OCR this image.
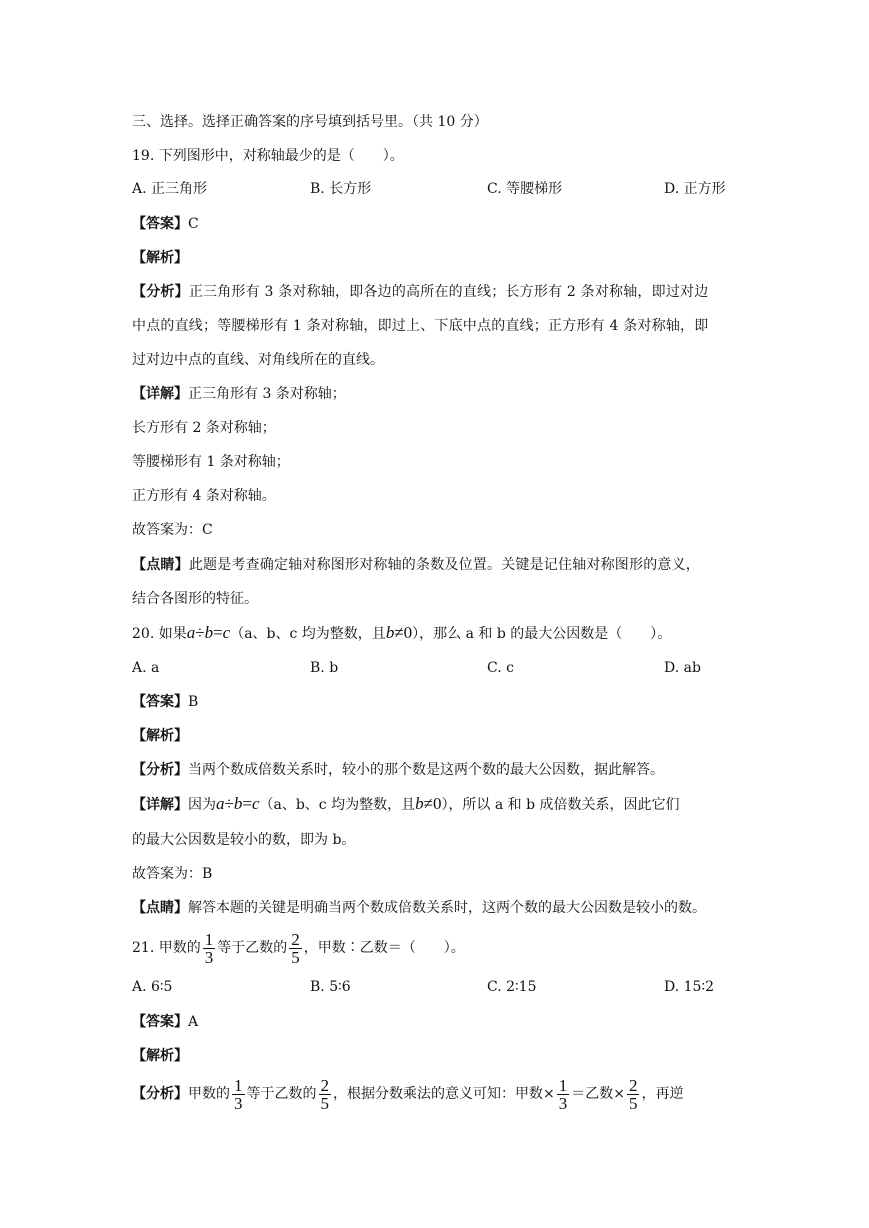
三、选择。选择正确答案的序号填到括号里。（共 10 分）
19. 下列图形中，对称轴最少的是（　　）。
A. 正三角形	B. 长方形	C. 等腰梯形	D. 正方形
【答案】C
【解析】
【分析】正三角形有 3 条对称轴，即各边的高所在的直线；长方形有 2 条对称轴，即过对边
中点的直线；等腰梯形有 1 条对称轴，即过上、下底中点的直线；正方形有 4 条对称轴，即
过对边中点的直线、对角线所在的直线。
【详解】正三角形有 3 条对称轴；
长方形有 2 条对称轴；
等腰梯形有 1 条对称轴；
正方形有 4 条对称轴。
故答案为：C
【点睛】此题是考查确定轴对称图形对称轴的条数及位置。关键是记住轴对称图形的意义，
结合各图形的特征。
20. 如果a÷b=c（a、b、c 均为整数，且b≠0），那么 a 和 b 的最大公因数是（　　）。
A. a	B. b	C. c	D. ab
【答案】B
【解析】
【分析】当两个数成倍数关系时，较小的那个数是这两个数的最大公因数，据此解答。
【详解】因为a÷b=c（a、b、c 均为整数，且b≠0），所以 a 和 b 成倍数关系，因此它们
的最大公因数是较小的数，即为 b。
故答案为：B
【点睛】解答本题的关键是明确当两个数成倍数关系时，这两个数的最大公因数是较小的数。
21. 甲数的 $\frac{1}{3}$ 等于乙数的 $\frac{2}{5}$ ，甲数∶乙数＝（　　）。
A. 6∶5	B. 5∶6	C. 2∶15	D. 15∶2
【答案】A
【解析】
【分析】甲数的 $\frac{1}{3}$ 等于乙数的 $\frac{2}{5}$ ，根据分数乘法的意义可知：甲数× $\frac{1}{3}$ ＝乙数× $\frac{2}{5}$ ，再逆
